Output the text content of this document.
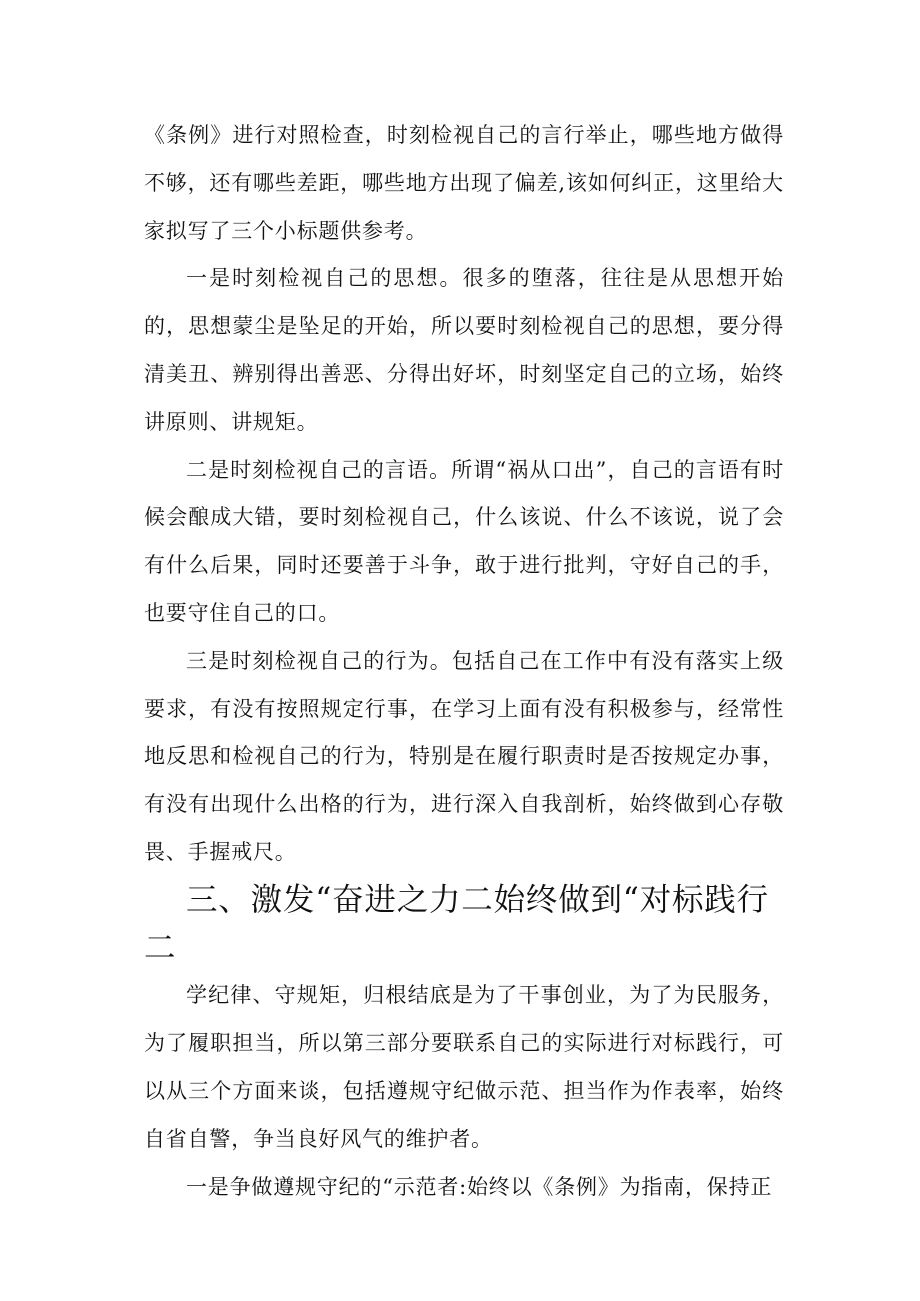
《条例》进行对照检查，时刻检视自己的言行举止，哪些地方做得不够，还有哪些差距，哪些地方出现了偏差,该如何纠正，这里给大家拟写了三个小标题供参考。

一是时刻检视自己的思想。很多的堕落，往往是从思想开始的，思想蒙尘是坠足的开始，所以要时刻检视自己的思想，要分得清美丑、辨别得出善恶、分得出好坏，时刻坚定自己的立场，始终讲原则、讲规矩。

二是时刻检视自己的言语。所谓“祸从口出”，自己的言语有时候会酿成大错，要时刻检视自己，什么该说、什么不该说，说了会有什么后果，同时还要善于斗争，敢于进行批判，守好自己的手，也要守住自己的口。

三是时刻检视自己的行为。包括自己在工作中有没有落实上级要求，有没有按照规定行事，在学习上面有没有积极参与，经常性地反思和检视自己的行为，特别是在履行职责时是否按规定办事，有没有出现什么出格的行为，进行深入自我剖析，始终做到心存敬畏、手握戒尺。

三、激发“奋进之力二始终做到“对标践行二

学纪律、守规矩，归根结底是为了干事创业，为了为民服务，为了履职担当，所以第三部分要联系自己的实际进行对标践行，可以从三个方面来谈，包括遵规守纪做示范、担当作为作表率，始终自省自警，争当良好风气的维护者。

一是争做遵规守纪的“示范者:始终以《条例》为指南，保持正
